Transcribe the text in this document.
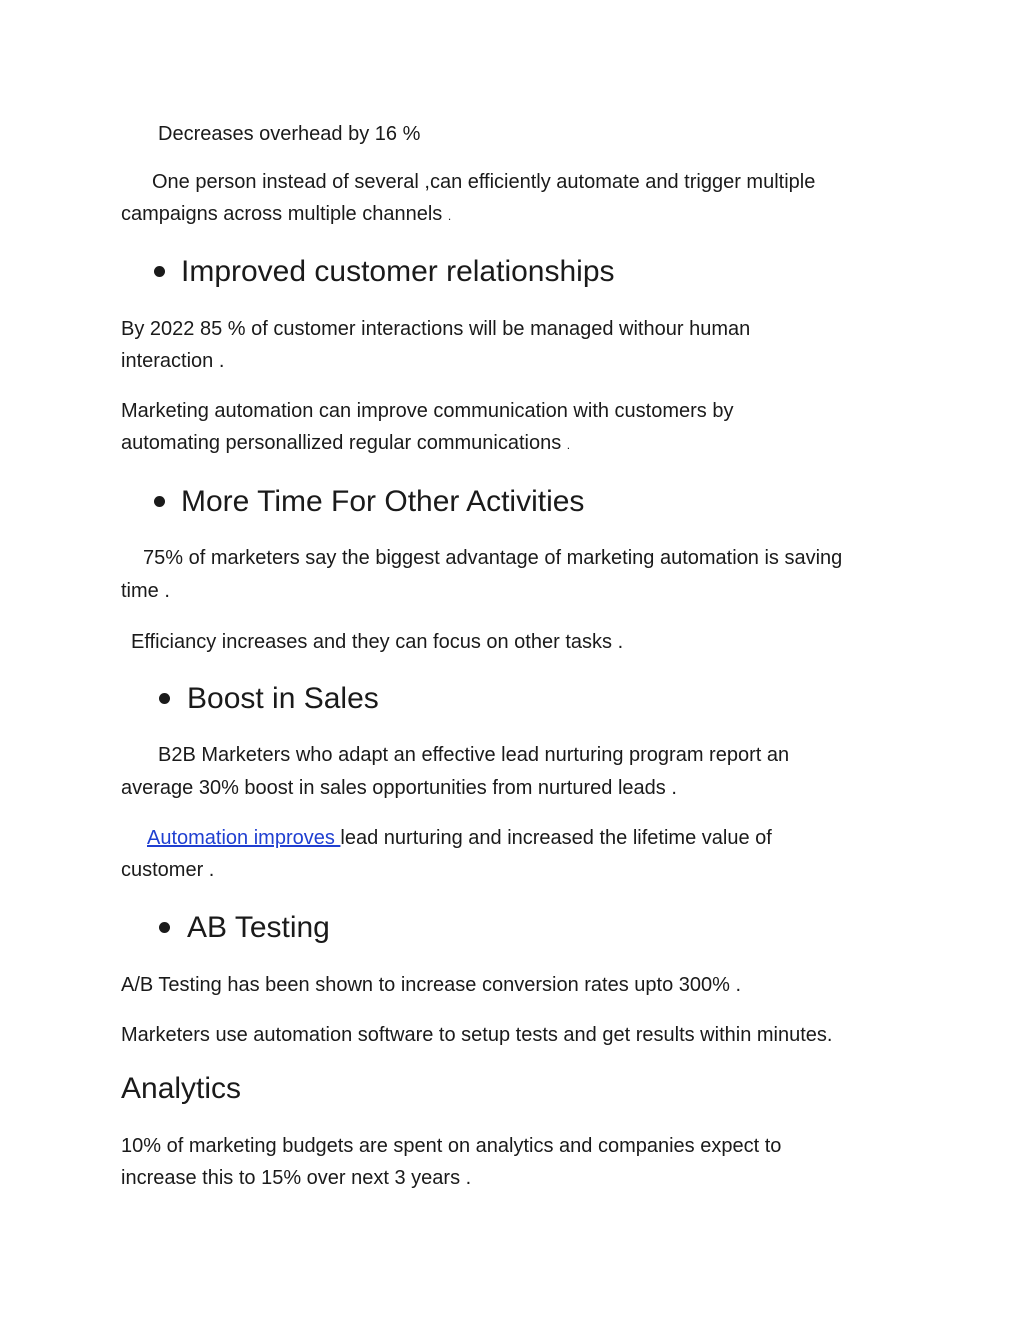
Decreases overhead by 16 %

One person instead of several ,can efficiently automate and trigger multiple

campaigns across multiple channels .

Improved customer relationships

By 2022 85 % of customer interactions will be managed withour human

interaction .

Marketing automation can improve communication with customers by

automating personallized regular communications .

More Time For Other Activities

75% of marketers say the biggest advantage of marketing automation is saving

time .

Efficiancy increases and they can focus on other tasks .

Boost in Sales

B2B Marketers who adapt an effective lead nurturing program report an

average 30% boost in sales opportunities from nurtured leads .

Automation improves lead nurturing and increased the lifetime value of

customer .

AB Testing

A/B Testing has been shown to increase conversion rates upto 300% .

Marketers use automation software to setup tests and get results within minutes.

Analytics

10% of marketing budgets are spent on analytics and companies expect to

increase this to 15% over next 3 years .
